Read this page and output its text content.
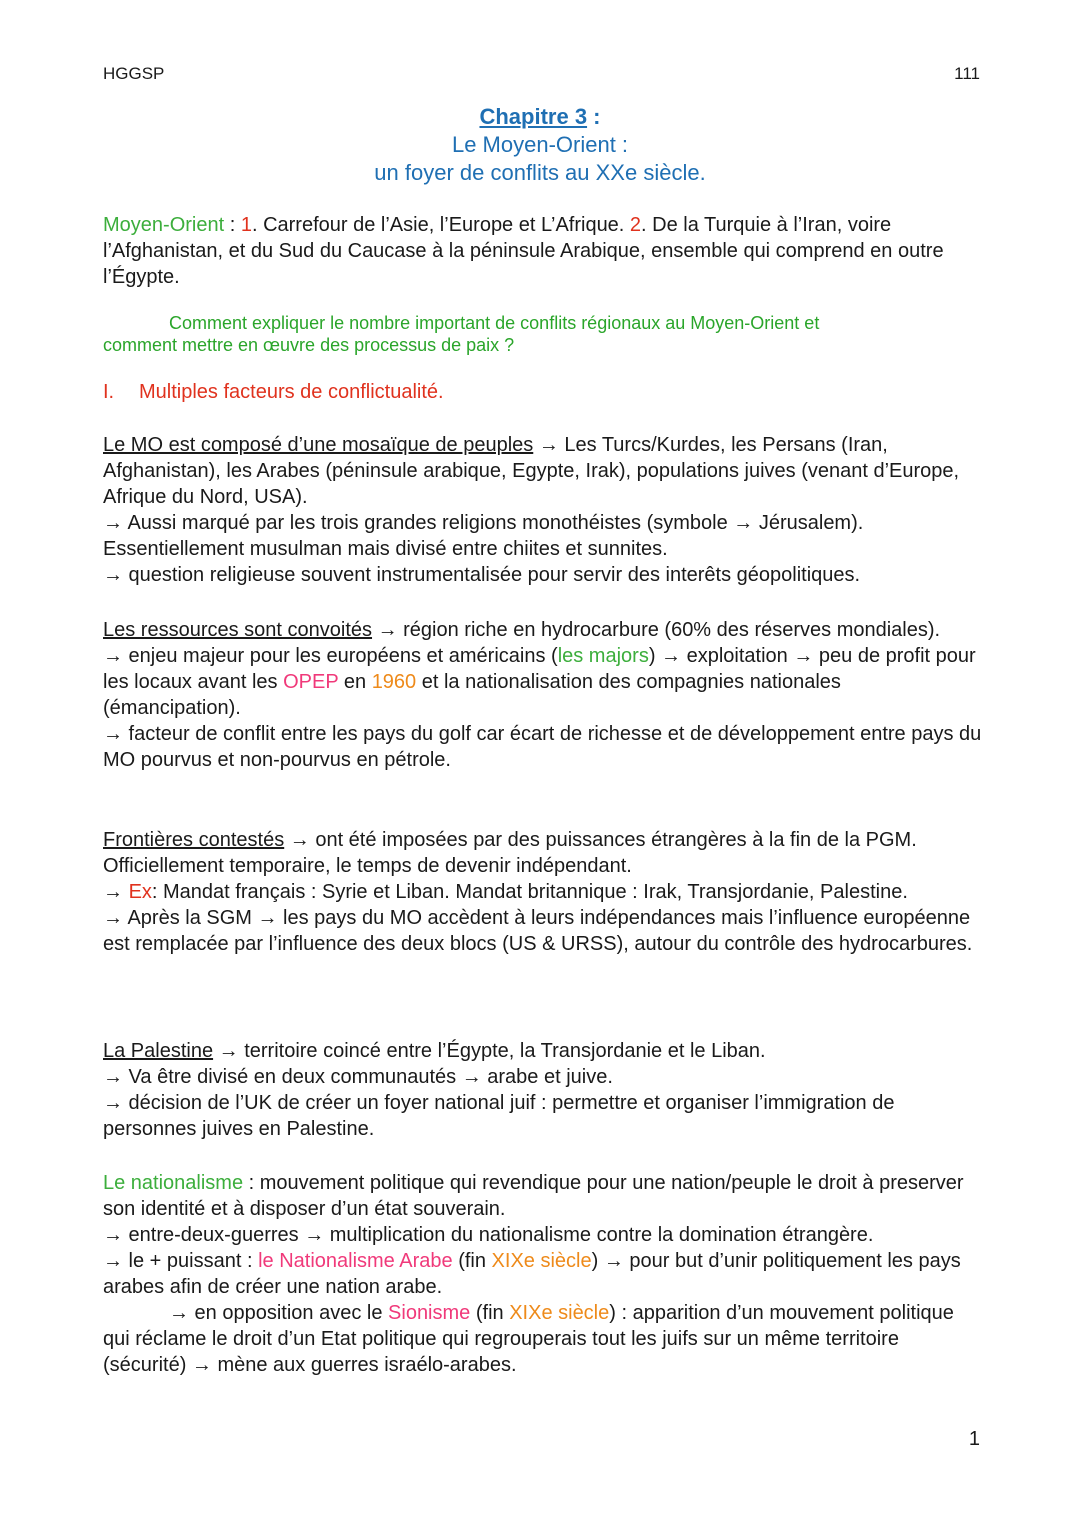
HGGSP	111
Chapitre 3 :
Le Moyen-Orient :
un foyer de conflits au XXe siècle.
Moyen-Orient : 1. Carrefour de l’Asie, l’Europe et L’Afrique. 2. De la Turquie à l’Iran, voire l’Afghanistan, et du Sud du Caucase à la péninsule Arabique, ensemble qui comprend en outre l’Égypte.
Comment expliquer le nombre important de conflits régionaux au Moyen-Orient et
comment mettre en œuvre des processus de paix ?
I. Multiples facteurs de conflictualité.
Le MO est composé d’une mosaïque de peuples → Les Turcs/Kurdes, les Persans (Iran, Afghanistan), les Arabes (péninsule arabique, Egypte, Irak), populations juives (venant d’Europe, Afrique du Nord, USA).
→ Aussi marqué par les trois grandes religions monothéistes (symbole → Jérusalem). Essentiellement musulman mais divisé entre chiites et sunnites.
→ question religieuse souvent instrumentalisée pour servir des interêts géopolitiques.
Les ressources sont convoités → région riche en hydrocarbure (60% des réserves mondiales).
→ enjeu majeur pour les européens et américains (les majors) → exploitation → peu de profit pour les locaux avant les OPEP en 1960 et la nationalisation des compagnies nationales (émancipation).
→ facteur de conflit entre les pays du golf car écart de richesse et de développement entre pays du MO pourvus et non-pourvus en pétrole.
Frontières contestés → ont été imposées par des puissances étrangères à la fin de la PGM. Officiellement temporaire, le temps de devenir indépendant.
→ Ex: Mandat français : Syrie et Liban. Mandat britannique : Irak, Transjordanie, Palestine.
→ Après la SGM → les pays du MO accèdent à leurs indépendances mais l’influence européenne est remplacée par l’influence des deux blocs (US & URSS), autour du contrôle des hydrocarbures.
La Palestine → territoire coincé entre l’Égypte, la Transjordanie et le Liban.
→ Va être divisé en deux communautés → arabe et juive.
→ décision de l’UK de créer un foyer national juif : permettre et organiser l’immigration de personnes juives en Palestine.
Le nationalisme : mouvement politique qui revendique pour une nation/peuple le droit à preserver son identité et à disposer d’un état souverain.
→ entre-deux-guerres → multiplication du nationalisme contre la domination étrangère.
→ le + puissant : le Nationalisme Arabe (fin XIXe siècle) → pour but d’unir politiquement les pays arabes afin de créer une nation arabe.
→ en opposition avec le Sionisme (fin XIXe siècle) : apparition d’un mouvement politique qui réclame le droit d’un Etat politique qui regrouperais tout les juifs sur un même territoire (sécurité) → mène aux guerres israélo-arabes.
1
